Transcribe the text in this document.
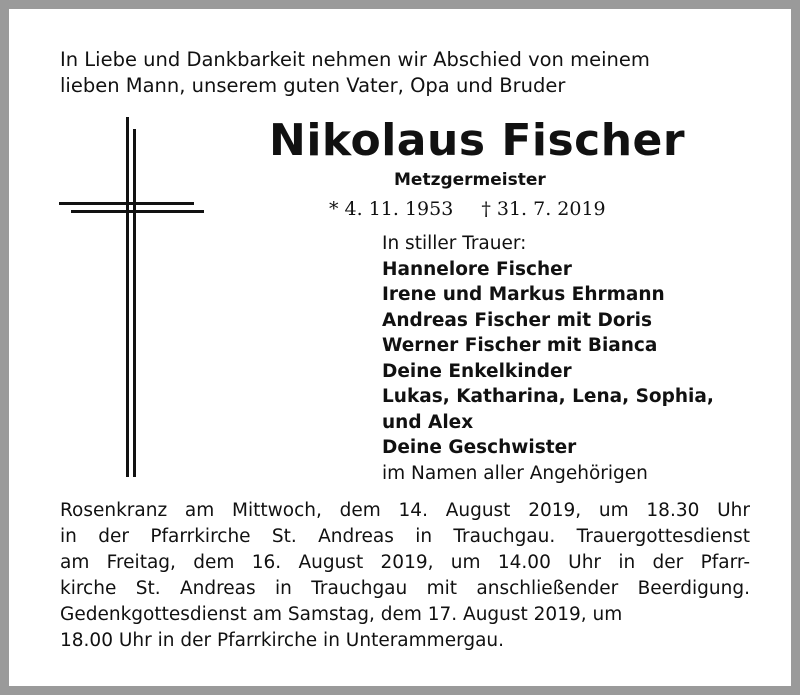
In Liebe und Dankbarkeit nehmen wir Abschied von meinem
lieben Mann, unserem guten Vater, Opa und Bruder
Nikolaus Fischer
Metzgermeister
* 4. 11. 1953 † 31. 7. 2019
In stiller Trauer:
Hannelore Fischer
Irene und Markus Ehrmann
Andreas Fischer mit Doris
Werner Fischer mit Bianca
Deine Enkelkinder
Lukas, Katharina, Lena, Sophia,
und Alex
Deine Geschwister
im Namen aller Angehörigen

Rosenkranz am Mittwoch, dem 14. August 2019, um 18.30 Uhr
in der Pfarrkirche St. Andreas in Trauchgau. Trauergottesdienst
am Freitag, dem 16. August 2019, um 14.00 Uhr in der Pfarr-
kirche St. Andreas in Trauchgau mit anschließender Beerdigung.

Gedenkgottesdienst am Samstag, dem 17. August 2019, um
18.00 Uhr in der Pfarrkirche in Unterammergau.
